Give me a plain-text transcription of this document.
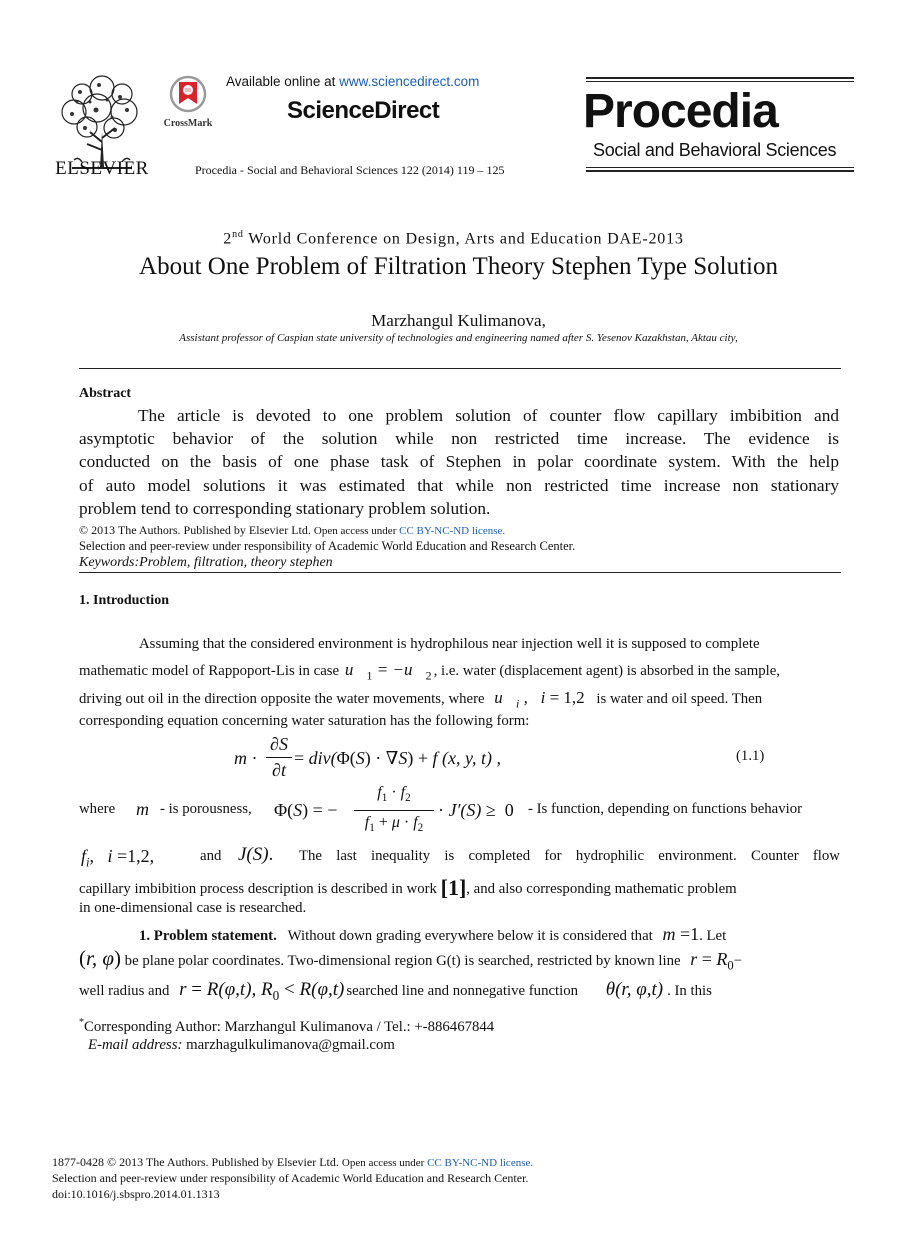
ELSEVIER
CrossMark
Available online at www.sciencedirect.com
ScienceDirect
Procedia - Social and Behavioral Sciences 122 (2014) 119 – 125
Procedia
Social and Behavioral Sciences
2nd World Conference on Design, Arts and Education DAE-2013
About One Problem of Filtration Theory Stephen Type Solution
Marzhangul Kulimanova,
Assistant professor of Caspian state university of technologies and engineering named after S. Yesenov Kazakhstan, Aktau city,
Abstract
The article is devoted to one problem solution of counter flow capillary imbibition and
asymptotic behavior of the solution while non restricted time increase. The evidence is
conducted on the basis of one phase task of Stephen in polar coordinate system. With the help
of auto model solutions it was estimated that while non restricted time increase non stationary
problem tend to corresponding stationary problem solution.
© 2013 The Authors. Published by Elsevier Ltd. Open access under CC BY-NC-ND license.
Selection and peer-review under responsibility of Academic World Education and Research Center.
Keywords:Problem, filtration, theory stephen
1. Introduction
Assuming that the considered environment is hydrophilous near injection well it is supposed to complete
mathematic model of Rappoport-Lis in case $u⃗_1$ = $-u⃗_2$ , i.e. water (displacement agent) is absorbed in the sample,
driving out oil in the direction opposite the water movements, where $u⃗_i$ ,   i = 1,2 is water and oil speed. Then
corresponding equation concerning water saturation has the following form:
m ·
∂S
∂t
= div(Φ(S) · ∇S) + f (x, y, t) ,	(1.1)
where m - is porousness, Φ(S) = −
$f_1 \cdot f_2$
$f_1 + \mu \cdot f_2$
· J′(S) ≥  0 - Is function, depending on functions behavior
$f_i$,   i =1,2,	and J(S). The last inequality is completed for hydrophilic environment. Counter flow
capillary imbibition process description is described in work [1], and also corresponding mathematic problem
in one-dimensional case is researched.
1. Problem statement. Without down grading everywhere below it is considered that m =1. Let
(r, φ) be plane polar coordinates. Two-dimensional region G(t) is searched, restricted by known line $r = R_0-$
well radius and r = R(φ,t), $R_0 < R(\varphi,t)$ searched line and nonnegative function θ(r, φ,t) . In this
*Corresponding Author: Marzhangul Kulimanova / Tel.: +-886467844
E-mail address: marzhagulkulimanova@gmail.com
1877-0428 © 2013 The Authors. Published by Elsevier Ltd. Open access under CC BY-NC-ND license.
Selection and peer-review under responsibility of Academic World Education and Research Center.
doi:10.1016/j.sbspro.2014.01.1313
